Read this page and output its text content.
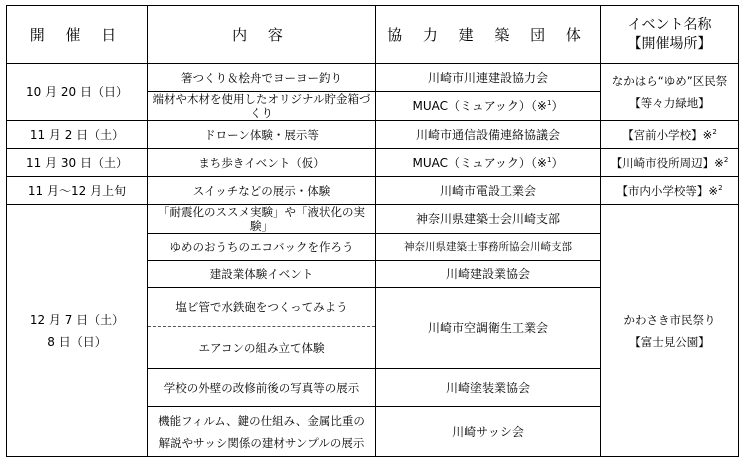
開 催 日	内 容	協 力 建 築 団 体	イベント名称
【開催場所】

10 月 20 日（日）	箸つくり＆桧舟でヨーヨー釣り	川崎市川連建設協力会	なかはら“ゆめ”区民祭
【等々力緑地】

	端材や木材を使用したオリジナル貯金箱づくり	MUAC（ミュアック）（※$^1$）	
11 月 2 日（土）	ドローン体験・展示等	川崎市通信設備連絡協議会	【宮前小学校】※$^2$
11 月 30 日（土）	まち歩きイベント（仮）	MUAC（ミュアック）（※$^1$）	【川崎市役所周辺】※$^2$
11 月～12 月上旬	スイッチなどの展示・体験	川崎市電設工業会	【市内小学校等】※$^2$

12 月 7 日（土）
8 日（日）	「耐震化のススメ実験」や「液状化の実験」	神奈川県建築士会川崎支部	かわさき市民祭り
【富士見公園】

	ゆめのおうちのエコバックを作ろう	神奈川県建築士事務所協会川崎支部	
	建設業体験イベント	川崎建設業協会	
	塩ビ管で水鉄砲をつくってみよう	川崎市空調衛生工業会	
	エアコンの組み立て体験		
	学校の外壁の改修前後の写真等の展示	川崎塗装業協会	

	機能フィルム、鍵の仕組み、金属比重の
解説やサッシ関係の建材サンプルの展示	川崎サッシ会	
